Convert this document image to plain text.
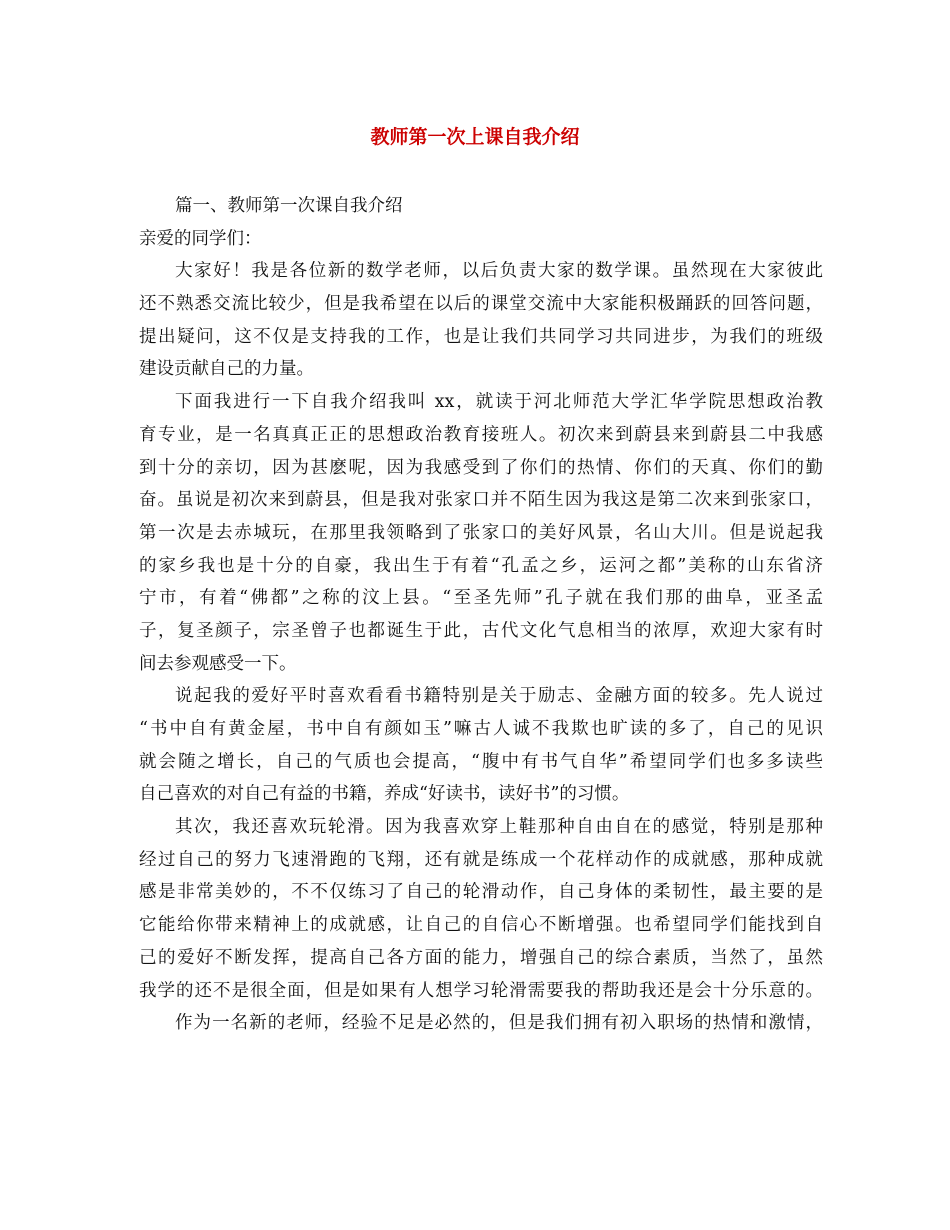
教师第一次上课自我介绍
篇一、教师第一次课自我介绍
亲爱的同学们：
大家好！我是各位新的数学老师，以后负责大家的数学课。虽然现在大家彼此
还不熟悉交流比较少，但是我希望在以后的课堂交流中大家能积极踊跃的回答问题，
提出疑问，这不仅是支持我的工作，也是让我们共同学习共同进步，为我们的班级
建设贡献自己的力量。
下面我进行一下自我介绍我叫 xx，就读于河北师范大学汇华学院思想政治教
育专业，是一名真真正正的思想政治教育接班人。初次来到蔚县来到蔚县二中我感
到十分的亲切，因为甚麽呢，因为我感受到了你们的热情、你们的天真、你们的勤
奋。虽说是初次来到蔚县，但是我对张家口并不陌生因为我这是第二次来到张家口，
第一次是去赤城玩，在那里我领略到了张家口的美好风景，名山大川。但是说起我
的家乡我也是十分的自豪，我出生于有着“孔孟之乡，运河之都”美称的山东省济
宁市，有着“佛都”之称的汶上县。“至圣先师”孔子就在我们那的曲阜，亚圣孟
子，复圣颜子，宗圣曾子也都诞生于此，古代文化气息相当的浓厚，欢迎大家有时
间去参观感受一下。
说起我的爱好平时喜欢看看书籍特别是关于励志、金融方面的较多。先人说过
“书中自有黄金屋，书中自有颜如玉”嘛古人诚不我欺也旷读的多了，自己的见识
就会随之增长，自己的气质也会提高，“腹中有书气自华”希望同学们也多多读些
自己喜欢的对自己有益的书籍，养成“好读书，读好书”的习惯。
其次，我还喜欢玩轮滑。因为我喜欢穿上鞋那种自由自在的感觉，特别是那种
经过自己的努力飞速滑跑的飞翔，还有就是练成一个花样动作的成就感，那种成就
感是非常美妙的，不不仅练习了自己的轮滑动作，自己身体的柔韧性，最主要的是
它能给你带来精神上的成就感，让自己的自信心不断增强。也希望同学们能找到自
己的爱好不断发挥，提高自己各方面的能力，增强自己的综合素质，当然了，虽然
我学的还不是很全面，但是如果有人想学习轮滑需要我的帮助我还是会十分乐意的。
作为一名新的老师，经验不足是必然的，但是我们拥有初入职场的热情和激情，
